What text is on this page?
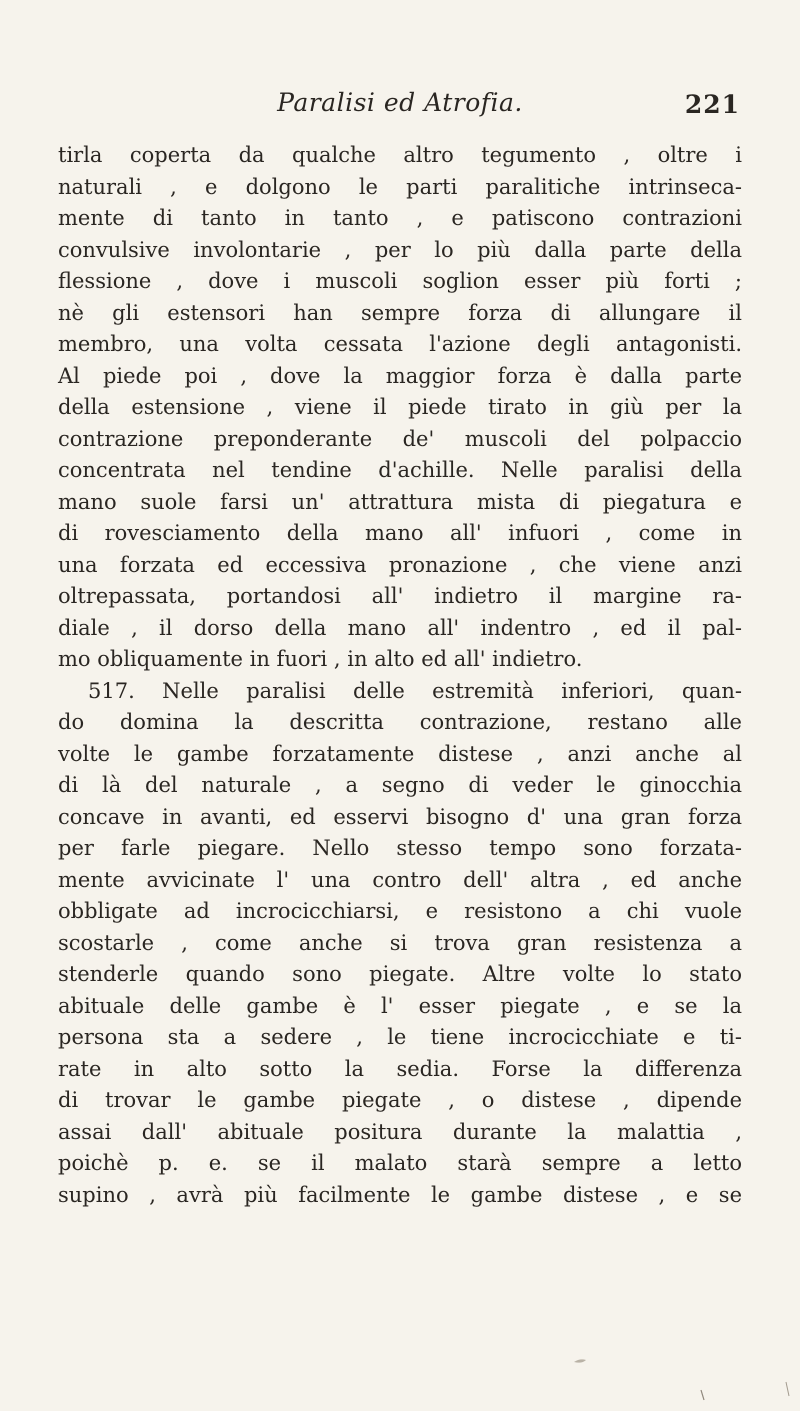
Paralisi ed Atrofia.	221
tirla coperta da qualche altro tegumento , oltre i
naturali , e dolgono le parti paralitiche intrinseca-
mente di tanto in tanto , e patiscono contrazioni
convulsive involontarie , per lo più dalla parte della
flessione , dove i muscoli soglion esser più forti ;
nè gli estensori han sempre forza di allungare il
membro, una volta cessata l'azione degli antagonisti.
Al piede poi , dove la maggior forza è dalla parte
della estensione , viene il piede tirato in giù per la
contrazione preponderante de' muscoli del polpaccio
concentrata nel tendine d'achille. Nelle paralisi della
mano suole farsi un' attrattura mista di piegatura e
di rovesciamento della mano all' infuori , come in
una forzata ed eccessiva pronazione , che viene anzi
oltrepassata, portandosi all' indietro il margine ra-
diale , il dorso della mano all' indentro , ed il pal-
mo obliquamente in fuori , in alto ed all' indietro.
517. Nelle paralisi delle estremità inferiori, quan-
do domina la descritta contrazione, restano alle
volte le gambe forzatamente distese , anzi anche al
di là del naturale , a segno di veder le ginocchia
concave in avanti, ed esservi bisogno d' una gran forza
per farle piegare. Nello stesso tempo sono forzata-
mente avvicinate l' una contro dell' altra , ed anche
obbligate ad incrocicchiarsi, e resistono a chi vuole
scostarle , come anche si trova gran resistenza a
stenderle quando sono piegate. Altre volte lo stato
abituale delle gambe è l' esser piegate , e se la
persona sta a sedere , le tiene incrocicchiate e ti-
rate in alto sotto la sedia. Forse la differenza
di trovar le gambe piegate , o distese , dipende
assai dall' abituale positura durante la malattia ,
poichè p. e. se il malato starà sempre a letto
supino , avrà più facilmente le gambe distese , e se
